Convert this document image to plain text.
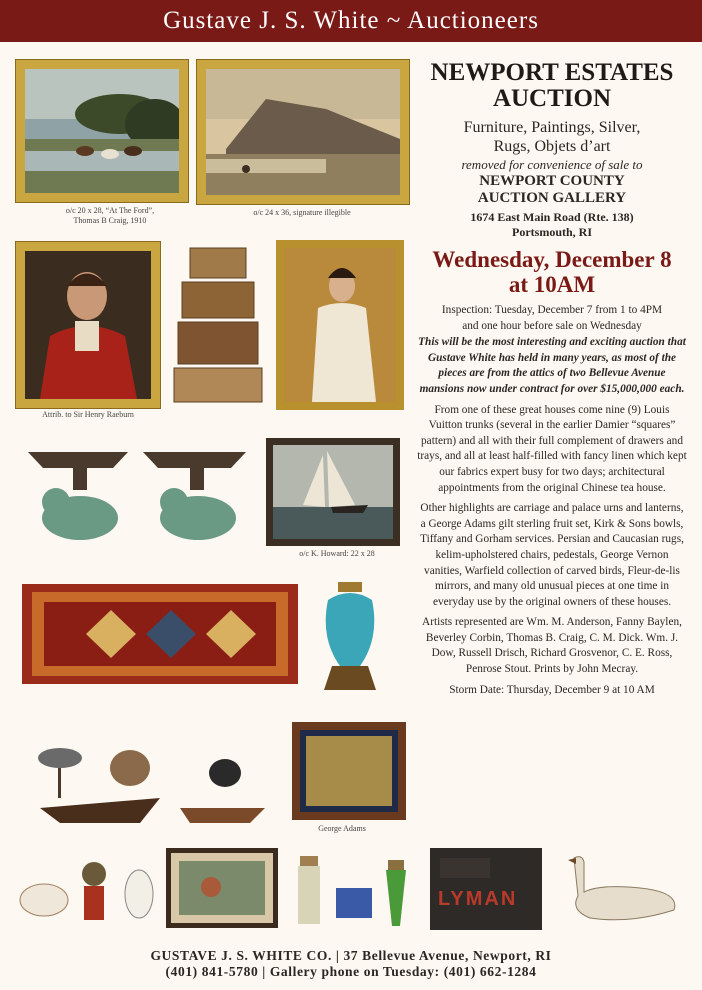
Gustave J. S. White ~ Auctioneers
o/c 20 x 28, “At The Ford”,
Thomas B Craig, 1910
o/c 24 x 36, signature illegible
Attrib. to Sir Henry Raeburn
o/c K. Howard: 22 x 28
George Adams
LYMAN
NEWPORT ESTATES
AUCTION
Furniture, Paintings, Silver,
Rugs, Objets d’art
removed for convenience of sale to
NEWPORT COUNTY
AUCTION GALLERY
1674 East Main Road (Rte. 138)
Portsmouth, RI
Wednesday, December 8
at 10AM
Inspection: Tuesday, December 7 from 1 to 4PM
and one hour before sale on Wednesday
This will be the most interesting and exciting auction that Gustave White has held in many years, as most of the pieces are from the attics of two Bellevue Avenue mansions now under contract for over $15,000,000 each.
From one of these great houses come nine (9) Louis Vuitton trunks (several in the earlier Damier “squares” pattern) and all with their full complement of drawers and trays, and all at least half-filled with fancy linen which kept our fabrics expert busy for two days; architectural appointments from the original Chinese tea house.
Other highlights are carriage and palace urns and lanterns, a George Adams gilt sterling fruit set, Kirk & Sons bowls, Tiffany and Gorham services. Persian and Caucasian rugs, kelim-upholstered chairs, pedestals, George Vernon vanities, Warfield collection of carved birds, Fleur-de-lis mirrors, and many old unusual pieces at one time in everyday use by the original owners of these houses.
Artists represented are Wm. M. Anderson, Fanny Baylen, Beverley Corbin, Thomas B. Craig, C. M. Dick. Wm. J. Dow, Russell Drisch, Richard Grosvenor, C. E. Ross, Penrose Stout. Prints by John Mecray.
Storm Date: Thursday, December 9 at 10 AM
GUSTAVE J. S. WHITE CO. | 37 Bellevue Avenue, Newport, RI
(401) 841-5780 | Gallery phone on Tuesday: (401) 662-1284
